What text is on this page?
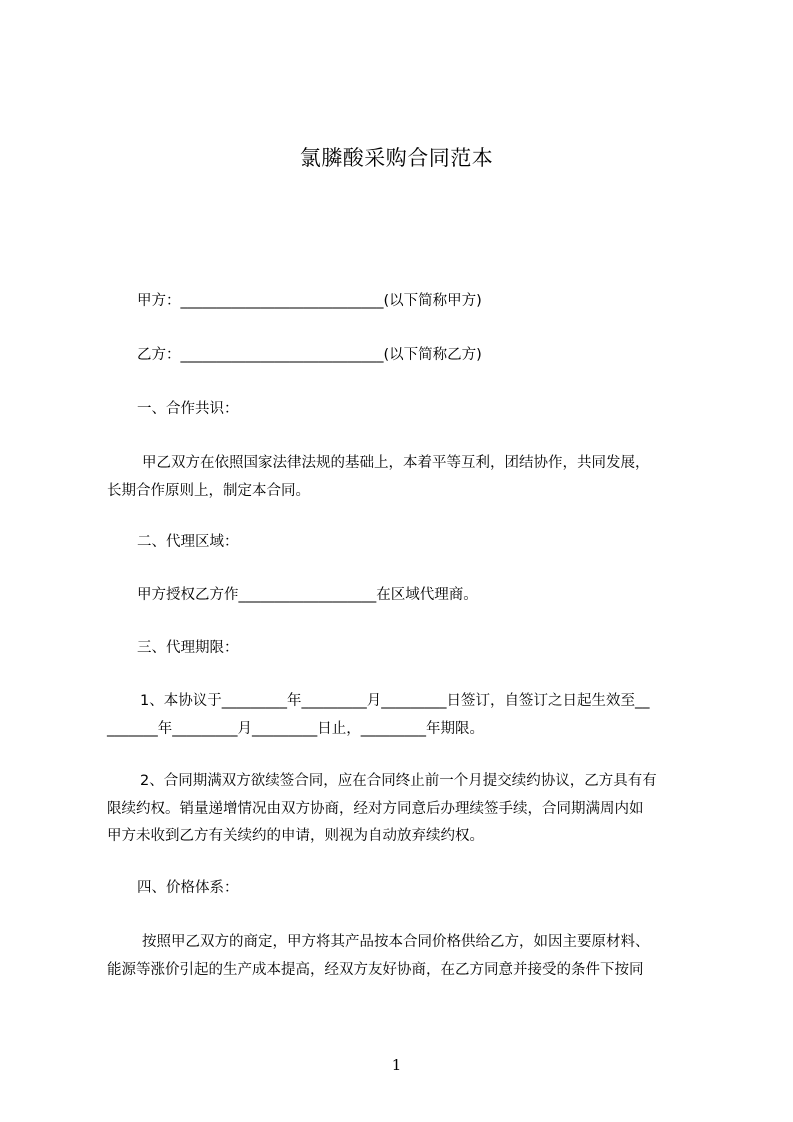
氯膦酸采购合同范本
甲方：____________________________(以下简称甲方)
乙方：____________________________(以下简称乙方)
一、合作共识：
甲乙双方在依照国家法律法规的基础上，本着平等互利，团结协作，共同发展，
长期合作原则上，制定本合同。
二、代理区域：
甲方授权乙方作___________________在区域代理商。
三、代理期限：
1、本协议于_________年_________月_________日签订，自签订之日起生效至__
_______年_________月_________日止，_________年期限。
2、合同期满双方欲续签合同，应在合同终止前一个月提交续约协议，乙方具有有
限续约权。销量递增情况由双方协商，经对方同意后办理续签手续，合同期满周内如
甲方未收到乙方有关续约的申请，则视为自动放弃续约权。
四、价格体系：
按照甲乙双方的商定，甲方将其产品按本合同价格供给乙方，如因主要原材料、
能源等涨价引起的生产成本提高，经双方友好协商，在乙方同意并接受的条件下按同
1
